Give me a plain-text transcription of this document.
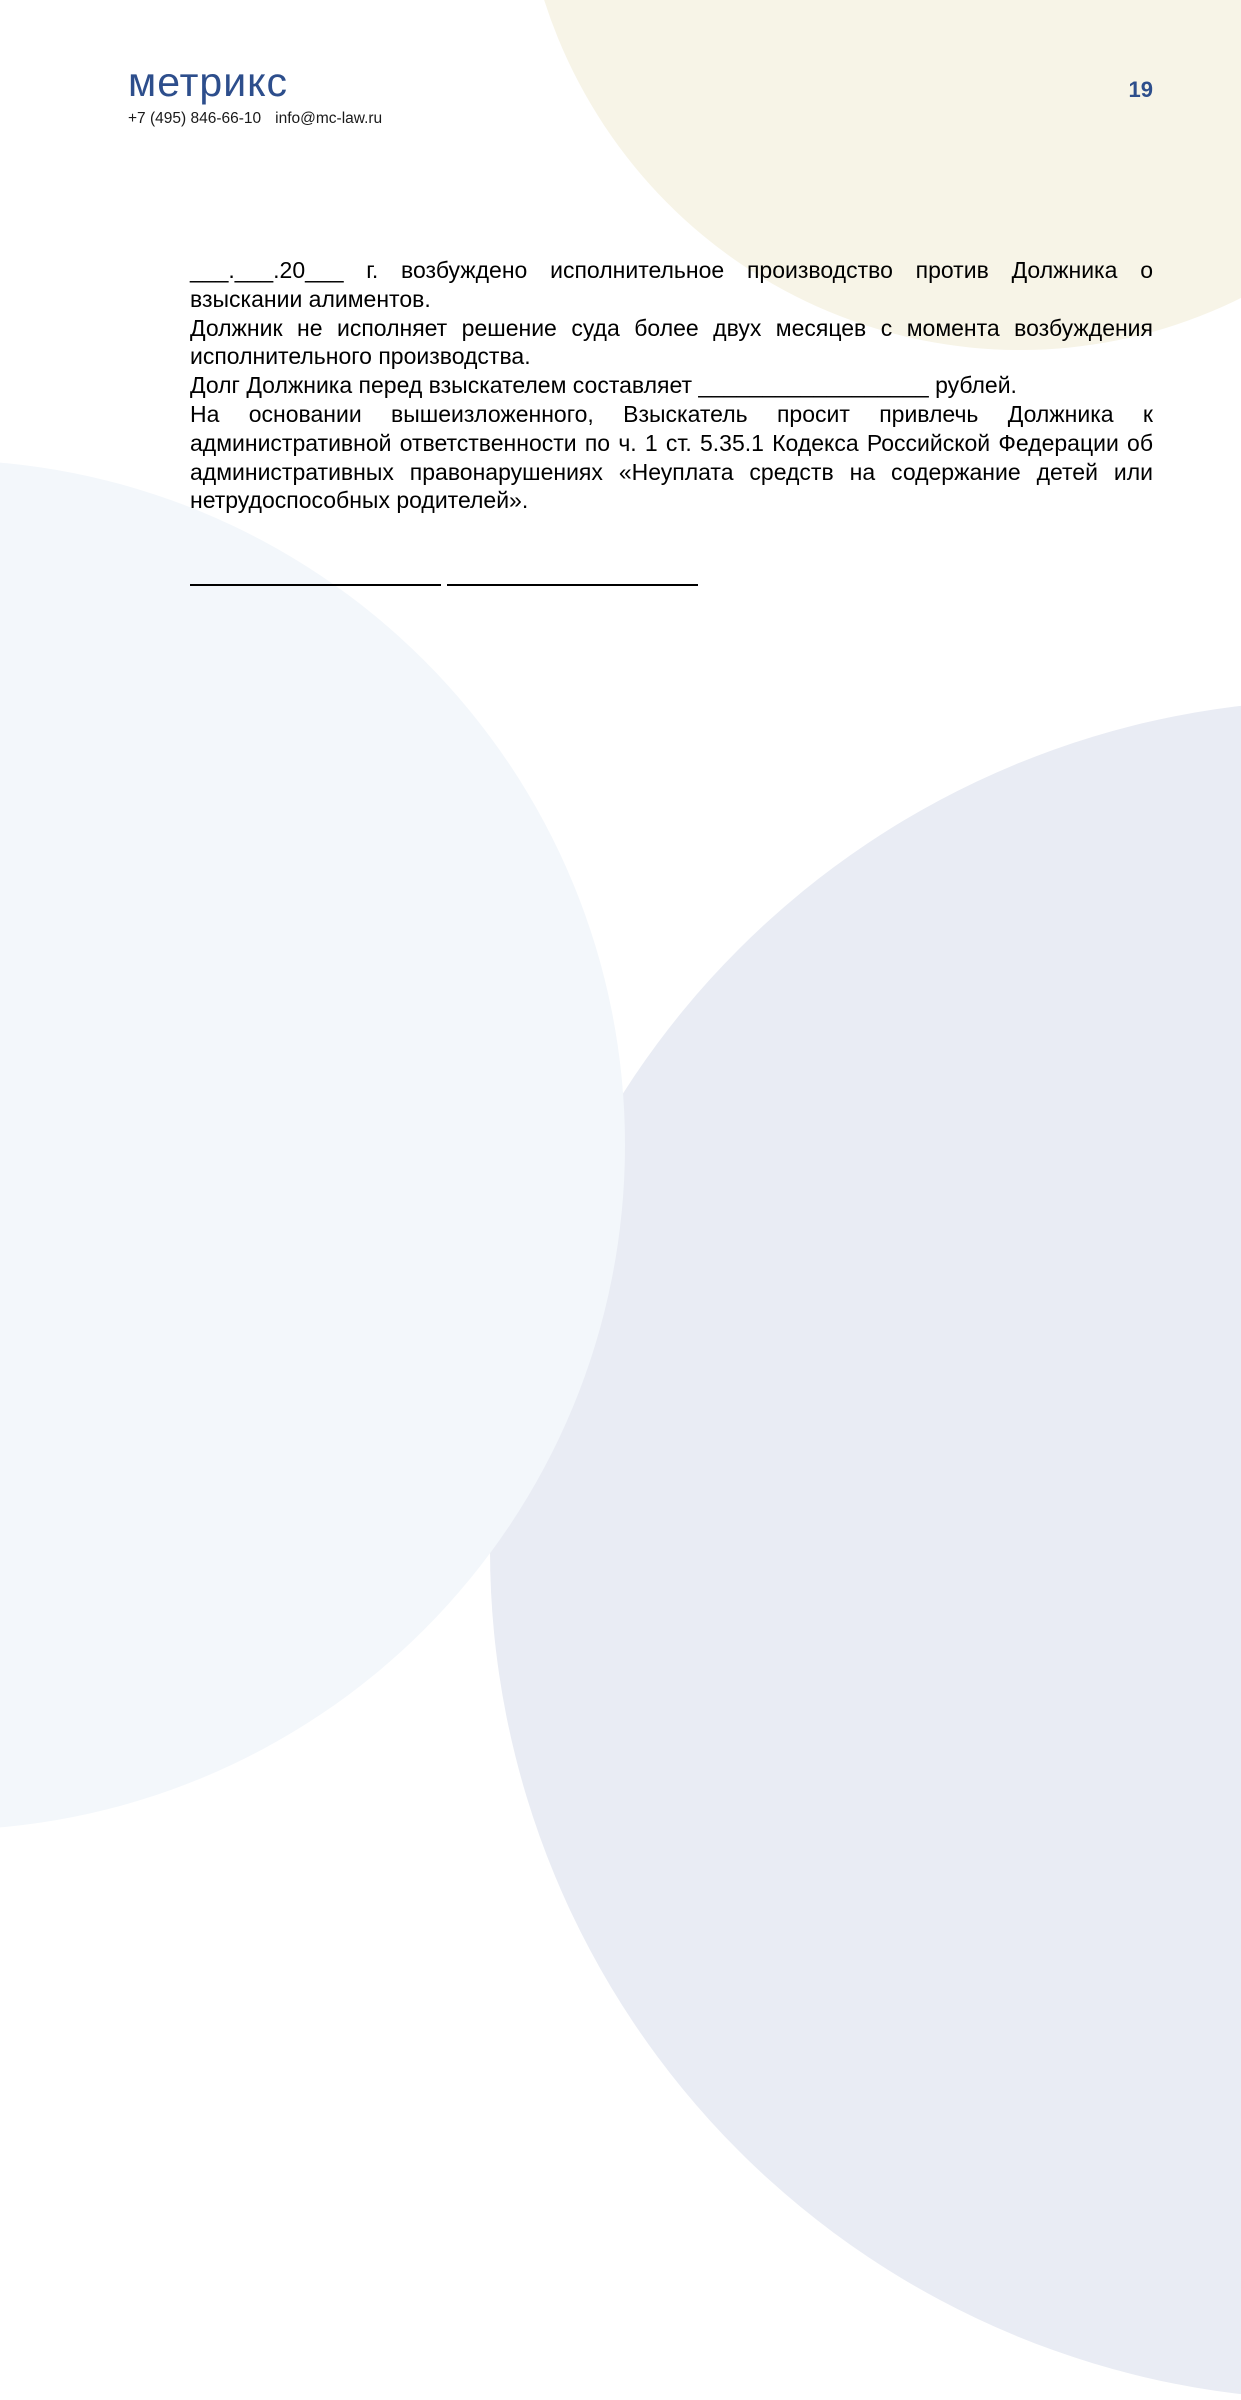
метрикс
+7 (495) 846-66-10 info@mc-law.ru
19

___.___.20___ г. возбуждено исполнительное производство против Должника о взыскании алиментов.

Должник не исполняет решение суда более двух месяцев с момента возбуждения исполнительного производства.

Долг Должника перед взыскателем составляет __________________ рублей.

На основании вышеизложенного, Взыскатель просит привлечь Должника к административной ответственности по ч. 1 ст. 5.35.1 Кодекса Российской Федерации об административных правонарушениях «Неуплата средств на содержание детей или нетрудоспособных родителей».
